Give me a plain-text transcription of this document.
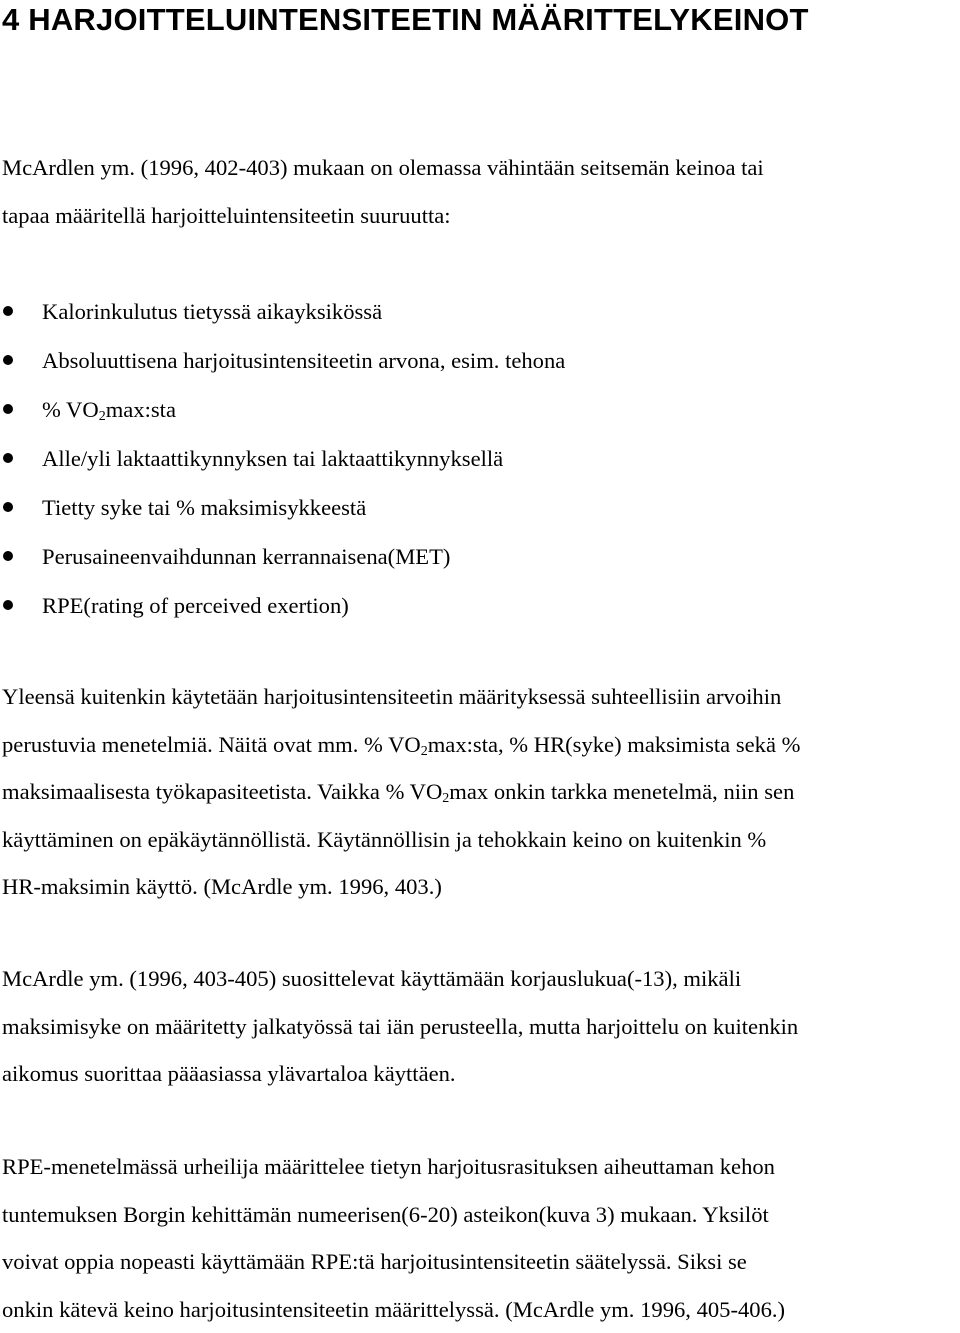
4 HARJOITTELUINTENSITEETIN MÄÄRITTELYKEINOT

McArdlen ym. (1996, 402-403) mukaan on olemassa vähintään seitsemän keinoa tai
tapaa määritellä harjoitteluintensiteetin suuruutta:

Kalorinkulutus tietyssä aikayksikössä
Absoluuttisena harjoitusintensiteetin arvona, esim. tehona
% $VO_2\max:sta$
Alle/yli laktaattikynnyksen tai laktaattikynnyksellä
Tietty syke tai % maksimisykkeestä
Perusaineenvaihdunnan kerrannaisena(MET)
RPE(rating of perceived exertion)

Yleensä kuitenkin käytetään harjoitusintensiteetin määrityksessä suhteellisiin arvoihin
perustuvia menetelmiä. Näitä ovat mm. % $VO_2\max:sta$, % HR(syke) maksimista sekä %
maksimaalisesta työkapasiteetista. Vaikka % $VO_2\max$ onkin tarkka menetelmä, niin sen
käyttäminen on epäkäytännöllistä. Käytännöllisin ja tehokkain keino on kuitenkin %
HR-maksimin käyttö. (McArdle ym. 1996, 403.)

McArdle ym. (1996, 403-405) suosittelevat käyttämään korjauslukua(-13), mikäli
maksimisyke on määritetty jalkatyössä tai iän perusteella, mutta harjoittelu on kuitenkin
aikomus suorittaa pääasiassa ylävartaloa käyttäen.

RPE-menetelmässä urheilija määrittelee tietyn harjoitusrasituksen aiheuttaman kehon
tuntemuksen Borgin kehittämän numeerisen(6-20) asteikon(kuva 3) mukaan. Yksilöt
voivat oppia nopeasti käyttämään RPE:tä harjoitusintensiteetin säätelyssä. Siksi se
onkin kätevä keino harjoitusintensiteetin määrittelyssä. (McArdle ym. 1996, 405-406.)
